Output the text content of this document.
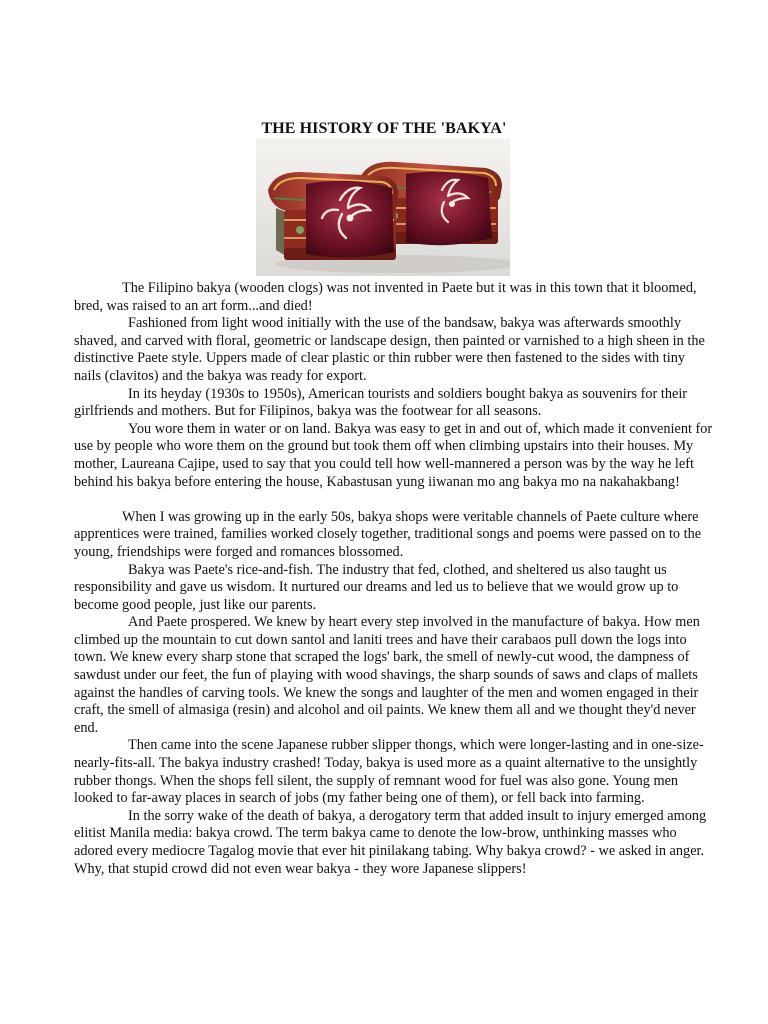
THE HISTORY OF THE 'BAKYA'

The Filipino bakya (wooden clogs) was not invented in Paete but it was in this town that it bloomed, bred, was raised to an art form...and died!

Fashioned from light wood initially with the use of the bandsaw, bakya was afterwards smoothly shaved, and carved with floral, geometric or landscape design, then painted or varnished to a high sheen in the distinctive Paete style. Uppers made of clear plastic or thin rubber were then fastened to the sides with tiny nails (clavitos) and the bakya was ready for export.

In its heyday (1930s to 1950s), American tourists and soldiers bought bakya as souvenirs for their girlfriends and mothers. But for Filipinos, bakya was the footwear for all seasons.

You wore them in water or on land. Bakya was easy to get in and out of, which made it convenient for use by people who wore them on the ground but took them off when climbing upstairs into their houses. My mother, Laureana Cajipe, used to say that you could tell how well-mannered a person was by the way he left behind his bakya before entering the house, Kabastusan yung iiwanan mo ang bakya mo na nakahakbang!

When I was growing up in the early 50s, bakya shops were veritable channels of Paete culture where apprentices were trained, families worked closely together, traditional songs and poems were passed on to the young, friendships were forged and romances blossomed.

Bakya was Paete's rice-and-fish. The industry that fed, clothed, and sheltered us also taught us responsibility and gave us wisdom. It nurtured our dreams and led us to believe that we would grow up to become good people, just like our parents.

And Paete prospered. We knew by heart every step involved in the manufacture of bakya. How men climbed up the mountain to cut down santol and laniti trees and have their carabaos pull down the logs into town. We knew every sharp stone that scraped the logs' bark, the smell of newly-cut wood, the dampness of sawdust under our feet, the fun of playing with wood shavings, the sharp sounds of saws and claps of mallets against the handles of carving tools. We knew the songs and laughter of the men and women engaged in their craft, the smell of almasiga (resin) and alcohol and oil paints. We knew them all and we thought they'd never end.

Then came into the scene Japanese rubber slipper thongs, which were longer-lasting and in one-size-nearly-fits-all. The bakya industry crashed! Today, bakya is used more as a quaint alternative to the unsightly rubber thongs. When the shops fell silent, the supply of remnant wood for fuel was also gone. Young men looked to far-away places in search of jobs (my father being one of them), or fell back into farming.

In the sorry wake of the death of bakya, a derogatory term that added insult to injury emerged among elitist Manila media: bakya crowd. The term bakya came to denote the low-brow, unthinking masses who adored every mediocre Tagalog movie that ever hit pinilakang tabing. Why bakya crowd? - we asked in anger. Why, that stupid crowd did not even wear bakya - they wore Japanese slippers!
